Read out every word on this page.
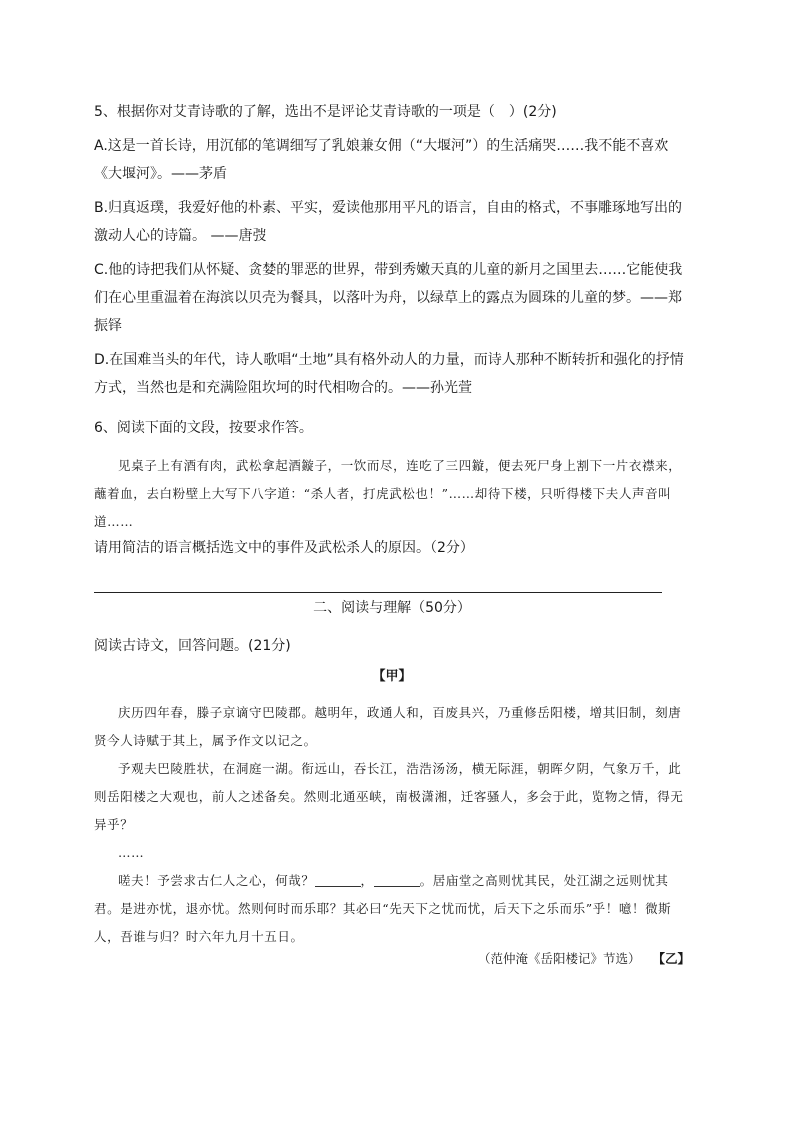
5、根据你对艾青诗歌的了解，选出不是评论艾青诗歌的一项是（　）(2分)

A.这是一首长诗，用沉郁的笔调细写了乳娘兼女佣（“大堰河”）的生活痛哭……我不能不喜欢《大堰河》。——茅盾

B.归真返璞，我爱好他的朴素、平实，爱读他那用平凡的语言，自由的格式，不事雕琢地写出的激动人心的诗篇。 ——唐弢

C.他的诗把我们从怀疑、贪婪的罪恶的世界，带到秀嫩天真的儿童的新月之国里去……它能使我们在心里重温着在海滨以贝壳为餐具，以落叶为舟，以绿草上的露点为圆珠的儿童的梦。——郑振铎

D.在国难当头的年代，诗人歌唱“土地”具有格外动人的力量，而诗人那种不断转折和强化的抒情方式，当然也是和充满险阻坎坷的时代相吻合的。——孙光萱

6、阅读下面的文段，按要求作答。

见桌子上有酒有肉，武松拿起酒鏇子，一饮而尽，连吃了三四鏇，便去死尸身上割下一片衣襟来，蘸着血，去白粉壁上大写下八字道：“杀人者，打虎武松也！”……却待下楼，只听得楼下夫人声音叫道……

请用简洁的语言概括选文中的事件及武松杀人的原因。（2分）
二、阅读与理解（50分）
阅读古诗文，回答问题。(21分)
【甲】

庆历四年春，滕子京谪守巴陵郡。越明年，政通人和，百废具兴，乃重修岳阳楼，增其旧制，刻唐贤今人诗赋于其上，属予作文以记之。

予观夫巴陵胜状，在洞庭一湖。衔远山，吞长江，浩浩汤汤，横无际涯，朝晖夕阴，气象万千，此则岳阳楼之大观也，前人之述备矣。然则北通巫峡，南极潇湘，迁客骚人，多会于此，览物之情，得无异乎？

……

嗟夫！予尝求古仁人之心，何哉？	，	。居庙堂之高则忧其民，处江湖之远则忧其君。是进亦忧，退亦忧。然则何时而乐耶？其必曰“先天下之忧而忧，后天下之乐而乐”乎！噫！微斯人，吾谁与归？时六年九月十五日。

（范仲淹《岳阳楼记》节选） 【乙】
